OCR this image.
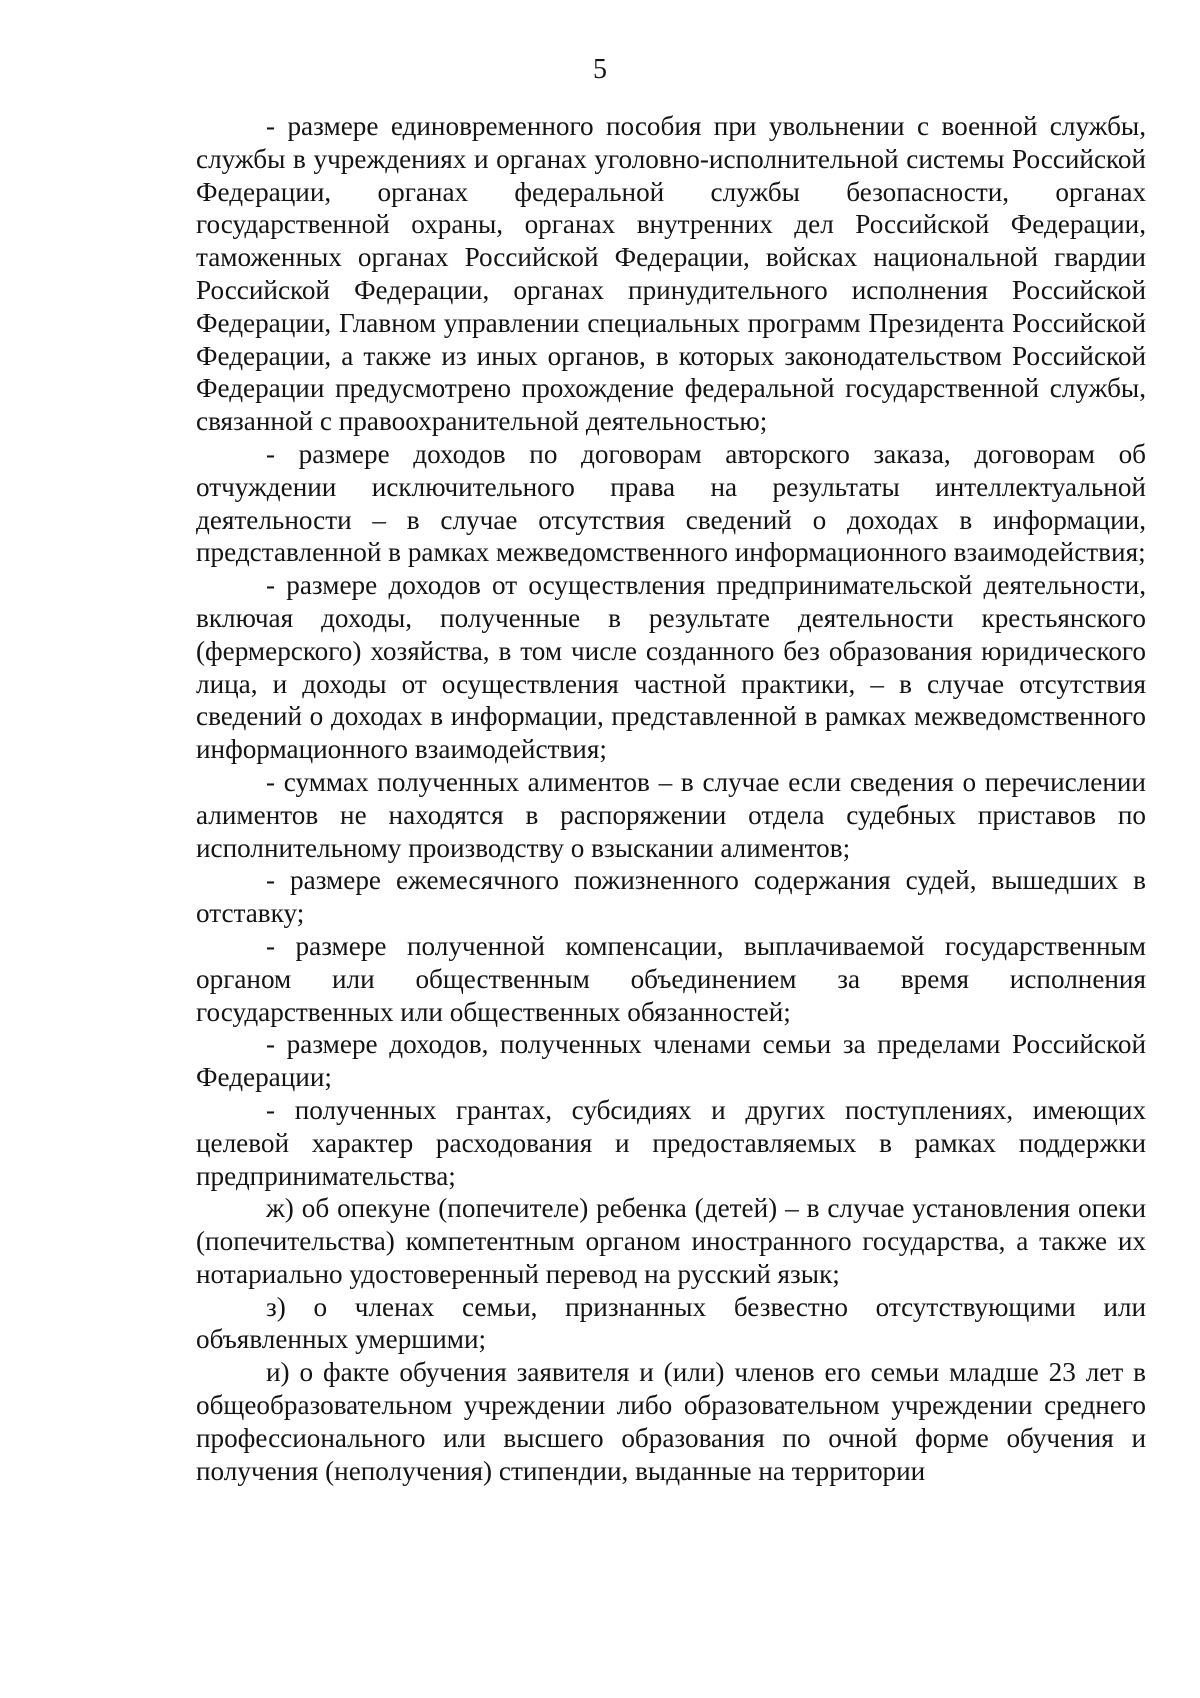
5

- размере единовременного пособия при увольнении с военной службы, службы в учреждениях и органах уголовно-исполнительной системы Российской Федерации, органах федеральной службы безопасности, органах государственной охраны, органах внутренних дел Российской Федерации, таможенных органах Российской Федерации, войсках национальной гвардии Российской Федерации, органах принудительного исполнения Российской Федерации, Главном управлении специальных программ Президента Российской Федерации, а также из иных органов, в которых законодательством Российской Федерации предусмотрено прохождение федеральной государственной службы, связанной с правоохранительной деятельностью;

- размере доходов по договорам авторского заказа, договорам об отчуждении исключительного права на результаты интеллектуальной деятельности – в случае отсутствия сведений о доходах в информации, представленной в рамках межведомственного информационного взаимодействия;

- размере доходов от осуществления предпринимательской деятельности, включая доходы, полученные в результате деятельности крестьянского (фермерского) хозяйства, в том числе созданного без образования юридического лица, и доходы от осуществления частной практики, – в случае отсутствия сведений о доходах в информации, представленной в рамках межведомственного информационного взаимодействия;

- суммах полученных алиментов – в случае если сведения о перечислении алиментов не находятся в распоряжении отдела судебных приставов по исполнительному производству о взыскании алиментов;

- размере ежемесячного пожизненного содержания судей, вышедших в отставку;

- размере полученной компенсации, выплачиваемой государственным органом или общественным объединением за время исполнения государственных или общественных обязанностей;

- размере доходов, полученных членами семьи за пределами Российской Федерации;

- полученных грантах, субсидиях и других поступлениях, имеющих целевой характер расходования и предоставляемых в рамках поддержки предпринимательства;

ж) об опекуне (попечителе) ребенка (детей) – в случае установления опеки (попечительства) компетентным органом иностранного государства, а также их нотариально удостоверенный перевод на русский язык;

з) о членах семьи, признанных безвестно отсутствующими или объявленных умершими;

и) о факте обучения заявителя и (или) членов его семьи младше 23 лет в общеобразовательном учреждении либо образовательном учреждении среднего профессионального или высшего образования по очной форме обучения и получения (неполучения) стипендии, выданные на территории
